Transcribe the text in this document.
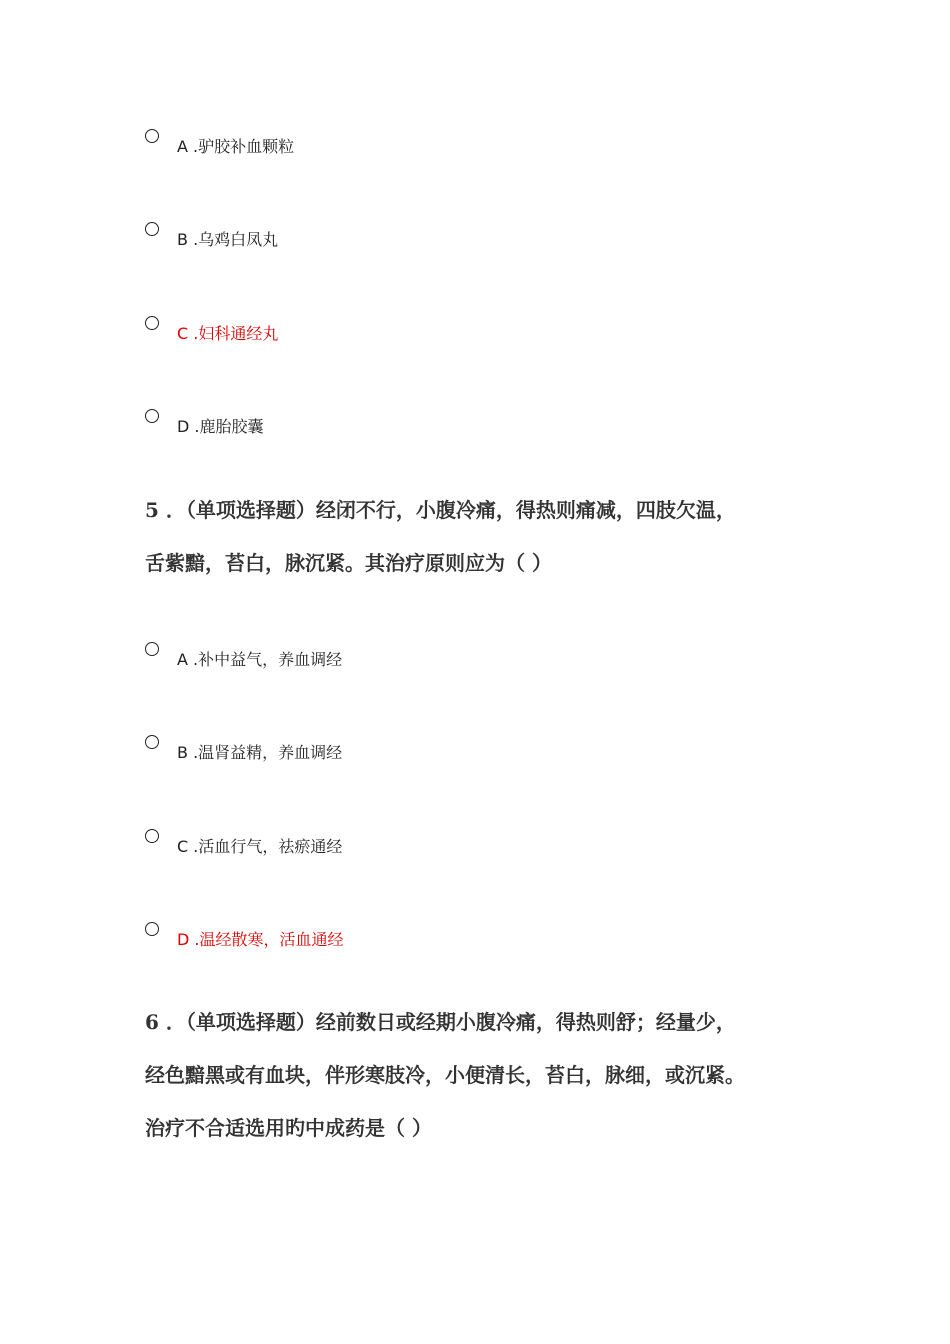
A .驴胶补血颗粒
B .乌鸡白凤丸
C .妇科通经丸
D .鹿胎胶囊
5 ．（单项选择题）经闭不行，小腹冷痛，得热则痛减，四肢欠温，
舌紫黯，苔白，脉沉紧。其治疗原则应为（ ）
A .补中益气，养血调经
B .温肾益精，养血调经
C .活血行气，祛瘀通经
D .温经散寒，活血通经
6 ．（单项选择题）经前数日或经期小腹冷痛，得热则舒；经量少，
经色黯黑或有血块，伴形寒肢冷，小便清长，苔白，脉细，或沉紧。
治疗不合适选用旳中成药是（ ）
